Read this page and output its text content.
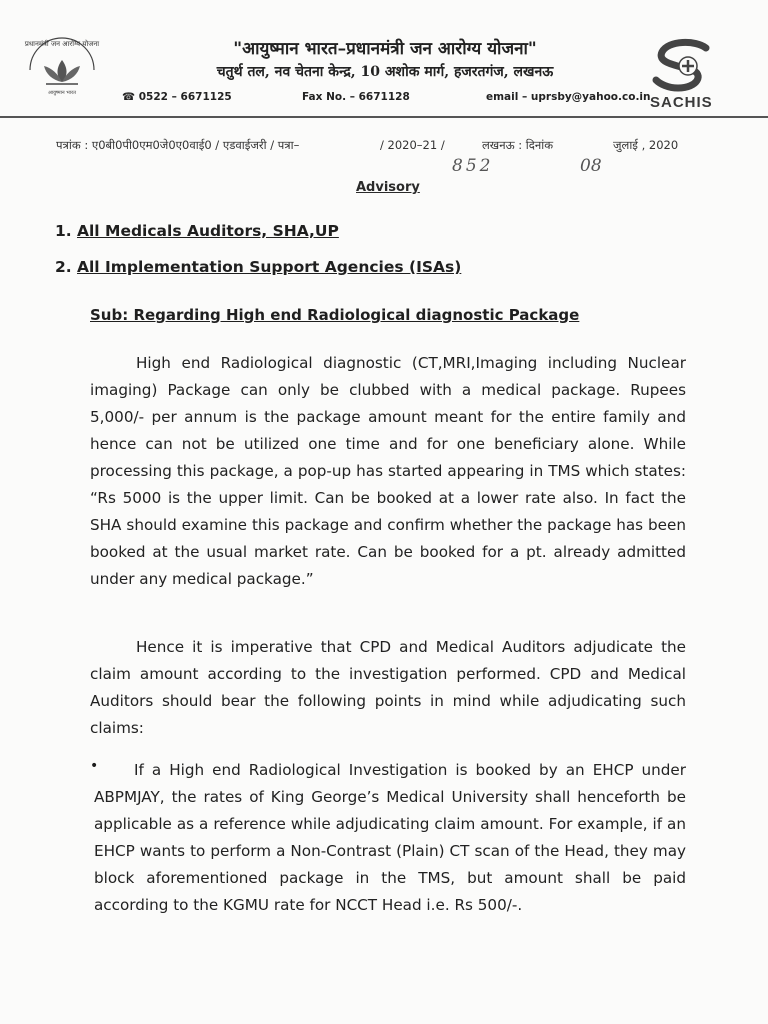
प्रधानमंत्री जन आरोग्य योजना
आयुष्मान भारत
"आयुष्मान भारत–प्रधानमंत्री जन आरोग्य योजना"
चतुर्थ तल, नव चेतना केन्द्र, 10 अशोक मार्ग, हजरतगंज, लखनऊ
☎ 0522 – 6671125	Fax No. – 6671128	email – uprsby@yahoo.co.in SACHIS
पत्रांक : ए0बी0पी0एम0जे0ए0वाई0 / एडवाईजरी / पत्रा–	/ 2020–21 /	लखनऊ : दिनांक	जुलाई , 2020
852	08
Advisory
1. All Medicals Auditors, SHA,UP
2. All Implementation Support Agencies (ISAs)
Sub: Regarding High end Radiological diagnostic Package

High end Radiological diagnostic (CT,MRI,Imaging including Nuclear imaging) Package can only be clubbed with a medical package. Rupees 5,000/- per annum is the package amount meant for the entire family and hence can not be utilized one time and for one beneficiary alone. While processing this package, a pop-up has started appearing in TMS which states: “Rs 5000 is the upper limit. Can be booked at a lower rate also. In fact the SHA should examine this package and confirm whether the package has been booked at the usual market rate. Can be booked for a pt. already admitted under any medical package.”

Hence it is imperative that CPD and Medical Auditors adjudicate the claim amount according to the investigation performed. CPD and Medical Auditors should bear the following points in mind while adjudicating such claims:

•	If a High end Radiological Investigation is booked by an EHCP under ABPMJAY, the rates of King George’s Medical University shall henceforth be applicable as a reference while adjudicating claim amount. For example, if an EHCP wants to perform a Non-Contrast (Plain) CT scan of the Head, they may block aforementioned package in the TMS, but amount shall be paid according to the KGMU rate for NCCT Head i.e. Rs 500/-.
